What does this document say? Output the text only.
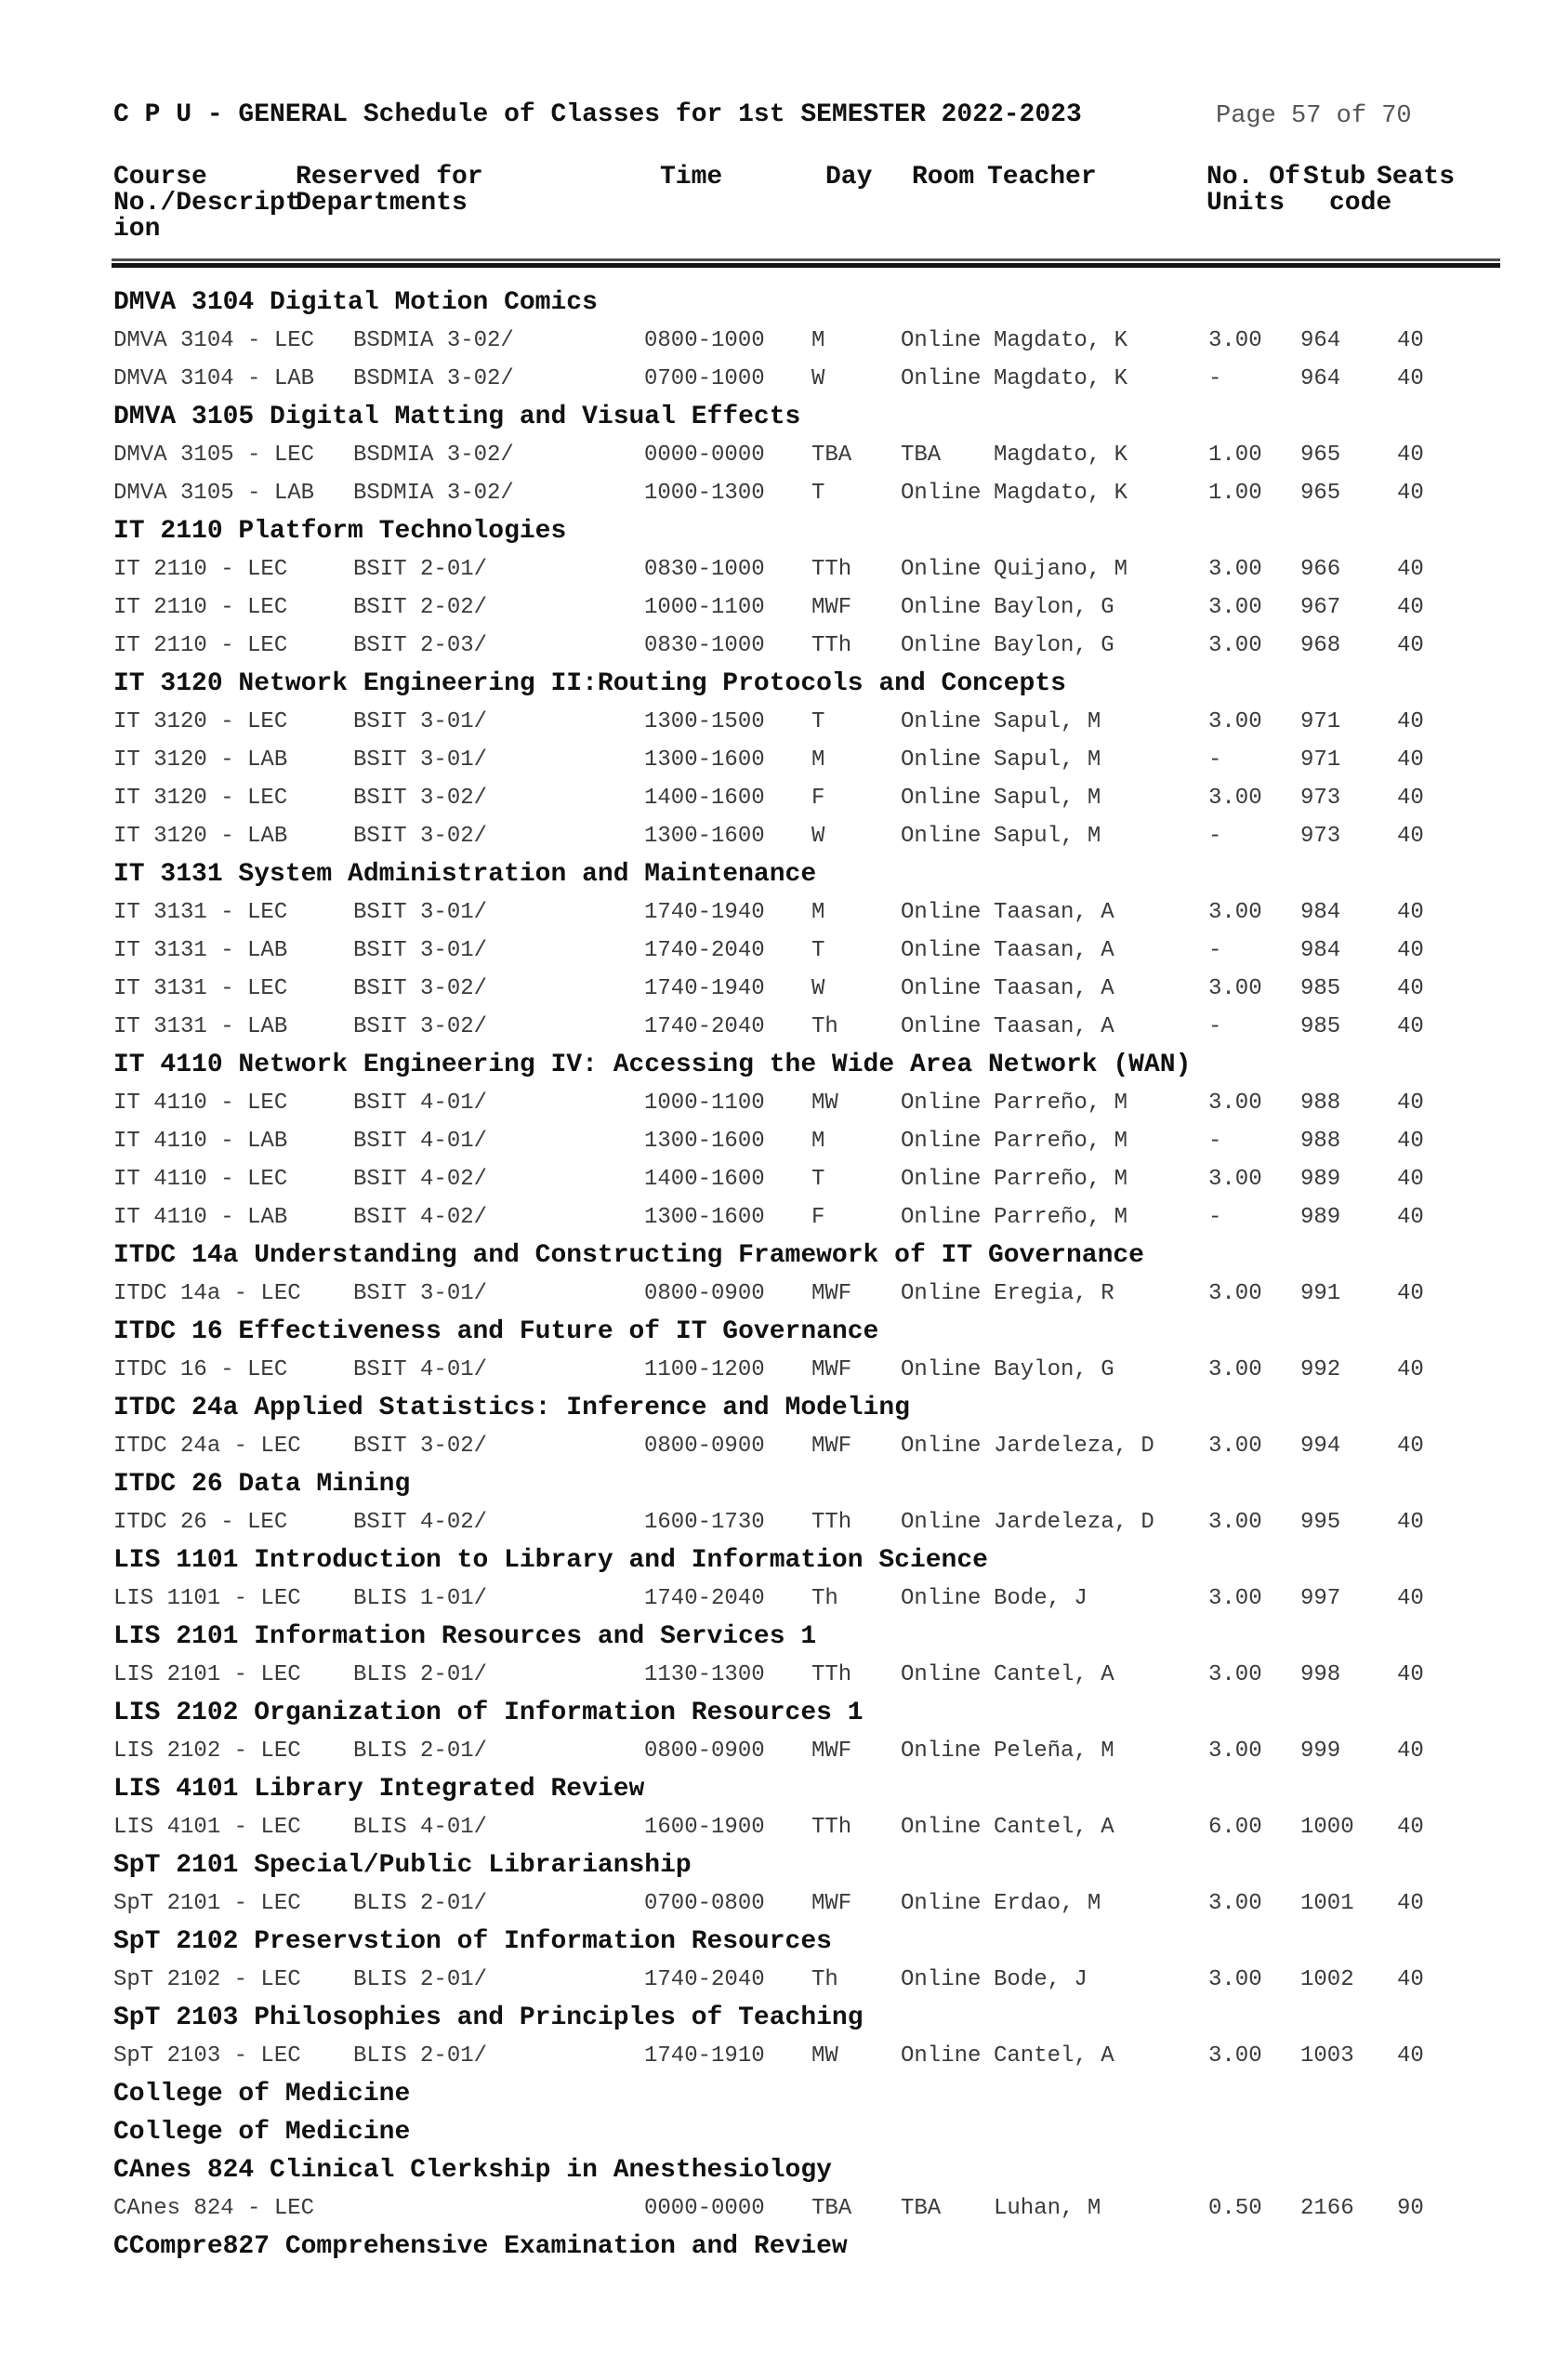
C P U - GENERAL Schedule of Classes for 1st SEMESTER 2022-2023	Page 57 of 70
Course	Reserved for	Time	Day Room Teacher	No. Of Stub Seats
No./Descript
Departments	Units code
ion
DMVA 3104 Digital Motion Comics
DMVA 3104 - LEC BSDMIA 3-02/	0800-1000 M	Online Magdato, K	3.00 964	40
DMVA 3104 - LAB BSDMIA 3-02/	0700-1000 W	Online Magdato, K	-	964	40
DMVA 3105 Digital Matting and Visual Effects
DMVA 3105 - LEC BSDMIA 3-02/	0000-0000 TBA TBA Magdato, K	1.00 965	40
DMVA 3105 - LAB BSDMIA 3-02/	1000-1300 T	Online Magdato, K	1.00 965	40
IT 2110 Platform Technologies
IT 2110 - LEC	BSIT 2-01/	0830-1000 TTh Online Quijano, M	3.00 966	40
IT 2110 - LEC	BSIT 2-02/	1000-1100 MWF Online Baylon, G	3.00 967	40
IT 2110 - LEC	BSIT 2-03/	0830-1000 TTh Online Baylon, G	3.00 968	40
IT 3120 Network Engineering II:Routing Protocols and Concepts
IT 3120 - LEC	BSIT 3-01/	1300-1500 T	Online Sapul, M	3.00 971	40
IT 3120 - LAB	BSIT 3-01/	1300-1600 M	Online Sapul, M	-	971	40
IT 3120 - LEC	BSIT 3-02/	1400-1600 F	Online Sapul, M	3.00 973	40
IT 3120 - LAB	BSIT 3-02/	1300-1600 W	Online Sapul, M	-	973	40
IT 3131 System Administration and Maintenance
IT 3131 - LEC	BSIT 3-01/	1740-1940 M	Online Taasan, A	3.00 984	40
IT 3131 - LAB	BSIT 3-01/	1740-2040 T	Online Taasan, A	-	984	40
IT 3131 - LEC	BSIT 3-02/	1740-1940 W	Online Taasan, A	3.00 985	40
IT 3131 - LAB	BSIT 3-02/	1740-2040 Th	Online Taasan, A	-	985	40
IT 4110 Network Engineering IV: Accessing the Wide Area Network (WAN)
IT 4110 - LEC	BSIT 4-01/	1000-1100 MW	Online Parreño, M	3.00 988	40
IT 4110 - LAB	BSIT 4-01/	1300-1600 M	Online Parreño, M	-	988	40
IT 4110 - LEC	BSIT 4-02/	1400-1600 T	Online Parreño, M	3.00 989	40
IT 4110 - LAB	BSIT 4-02/	1300-1600 F	Online Parreño, M	-	989	40
ITDC 14a Understanding and Constructing Framework of IT Governance
ITDC 14a - LEC BSIT 3-01/	0800-0900 MWF Online Eregia, R	3.00 991	40
ITDC 16 Effectiveness and Future of IT Governance
ITDC 16 - LEC	BSIT 4-01/	1100-1200 MWF Online Baylon, G	3.00 992	40
ITDC 24a Applied Statistics: Inference and Modeling
ITDC 24a - LEC BSIT 3-02/	0800-0900 MWF Online Jardeleza, D 3.00 994	40
ITDC 26 Data Mining
ITDC 26 - LEC	BSIT 4-02/	1600-1730 TTh Online Jardeleza, D 3.00 995	40
LIS 1101 Introduction to Library and Information Science
LIS 1101 - LEC BLIS 1-01/	1740-2040 Th	Online Bode, J	3.00 997	40
LIS 2101 Information Resources and Services 1
LIS 2101 - LEC BLIS 2-01/	1130-1300 TTh Online Cantel, A	3.00 998	40
LIS 2102 Organization of Information Resources 1
LIS 2102 - LEC BLIS 2-01/	0800-0900 MWF Online Peleña, M	3.00 999	40
LIS 4101 Library Integrated Review
LIS 4101 - LEC BLIS 4-01/	1600-1900 TTh Online Cantel, A	6.00 1000 40
SpT 2101 Special/Public Librarianship
SpT 2101 - LEC BLIS 2-01/	0700-0800 MWF Online Erdao, M	3.00 1001 40
SpT 2102 Preservstion of Information Resources
SpT 2102 - LEC BLIS 2-01/	1740-2040 Th	Online Bode, J	3.00 1002 40
SpT 2103 Philosophies and Principles of Teaching
SpT 2103 - LEC BLIS 2-01/	1740-1910 MW	Online Cantel, A	3.00 1003 40
College of Medicine
College of Medicine
CAnes 824 Clinical Clerkship in Anesthesiology
CAnes 824 - LEC	0000-0000 TBA TBA Luhan, M	0.50 2166 90
CCompre827 Comprehensive Examination and Review
